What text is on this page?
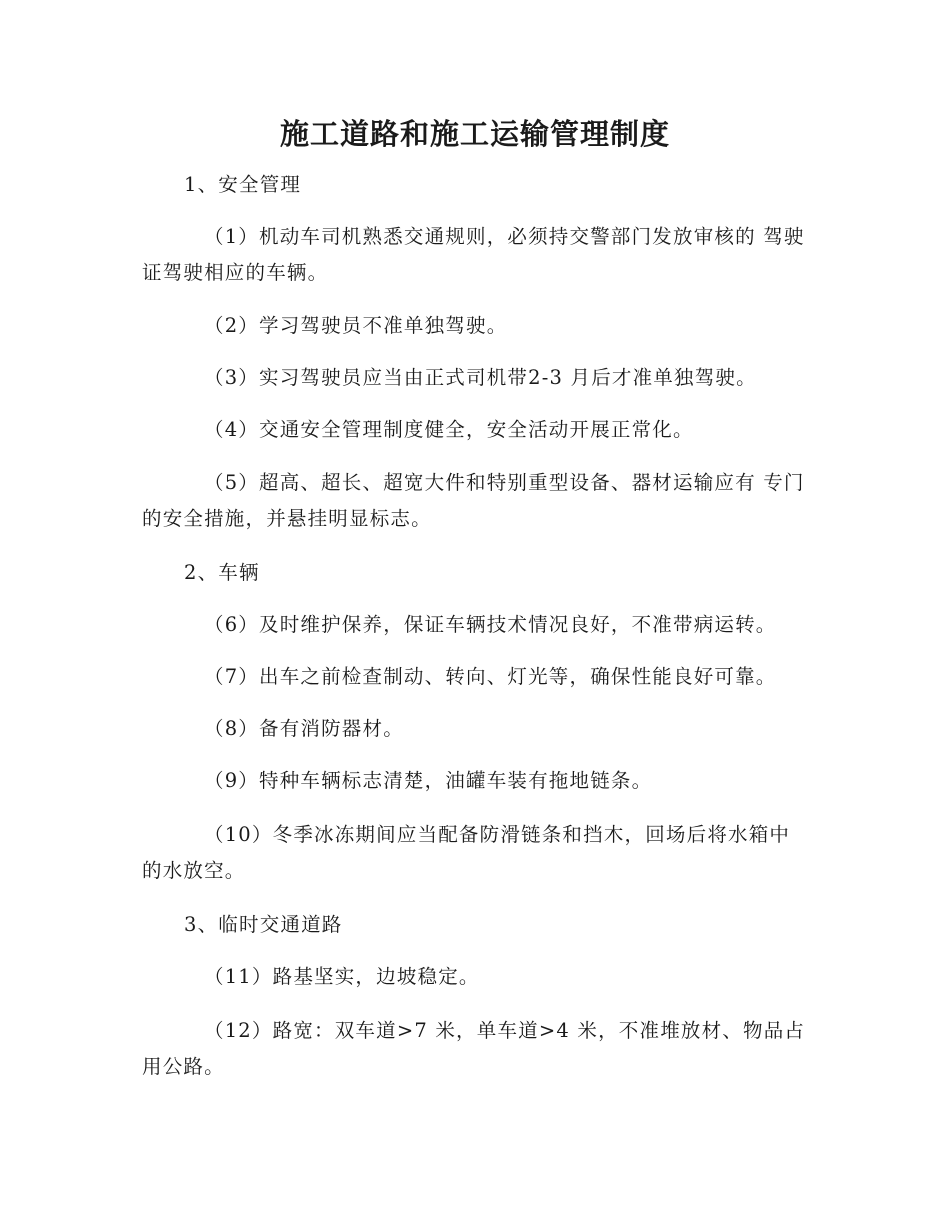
施工道路和施工运输管理制度

1、安全管理

（1）机动车司机熟悉交通规则，必须持交警部门发放审核的 驾驶证驾驶相应的车辆。

（2）学习驾驶员不准单独驾驶。

（3）实习驾驶员应当由正式司机带2-3 月后才准单独驾驶。

（4）交通安全管理制度健全，安全活动开展正常化。

（5）超高、超长、超宽大件和特别重型设备、器材运输应有 专门的安全措施，并悬挂明显标志。

2、车辆

（6）及时维护保养，保证车辆技术情况良好，不准带病运转。

（7）出车之前检查制动、转向、灯光等，确保性能良好可靠。

（8）备有消防器材。

（9）特种车辆标志清楚，油罐车装有拖地链条。

（10）冬季冰冻期间应当配备防滑链条和挡木，回场后将水箱中的水放空。

3、临时交通道路

（11）路基坚实，边坡稳定。

（12）路宽：双车道>7 米，单车道>4 米，不准堆放材、物品占用公路。
